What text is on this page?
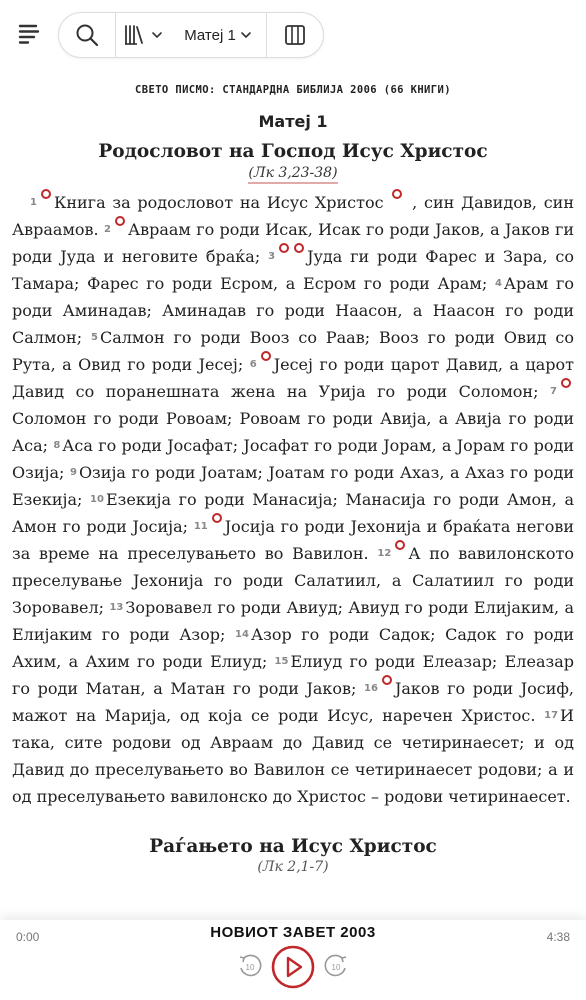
Матеј 1
СВЕТО ПИСМО: СТАНДАРДНА БИБЛИЈА 2006 (66 КНИГИ)
Матеј 1
Родословот на Господ Исус Христос
(Лк 3,23-38)

1 Книга за родословот на Исус Христос  , син Давидов, син Авраамов. 2 Авраам го роди Исак, Исак го роди Јаков, а Јаков ги роди Јуда и неговите браќа; 3 Јуда ги роди Фарес и Зара, со Тамара; Фарес го роди Есром, а Есром го роди Арам; 4 Арам го роди Аминадав; Аминадав го роди Наасон, а Наасон го роди Салмон; 5 Салмон го роди Вооз со Раав; Вооз го роди Овид со Рута, а Овид го роди Јесеј; 6 Јесеј го роди царот Давид, а царот Давид со поранешната жена на Урија го роди Соломон; 7Соломон го роди Ровоам; Ровоам го роди Авија, а Авија го роди Аса; 8 Аса го роди Јосафат; Јосафат го роди Јорам, а Јорам го роди Озија; 9 Озија го роди Јоатам; Јоатам го роди Ахаз, а Ахаз го роди Езекија; 10 Езекија го роди Манасија; Манасија го роди Амон, а Амон го роди Јосија; 11 Јосија го роди Јехонија и браќата негови за време на преселувањето во Вавилон. 12 А по вавилонското преселување Јехонија го роди Салатиил, а Салатиил го роди Зоровавел; 13 Зоровавел го роди Авиуд; Авиуд го роди Елијаким, а Елијаким го роди Азор; 14 Азор го роди Садок; Садок го роди Ахим, а Ахим го роди Елиуд; 15 Елиуд го роди Елеазар; Елеазар го роди Матан, а Матан го роди Јаков; 16 Јаков го роди Јосиф, мажот на Марија, од која се роди Исус, наречен Христос. 17 И така, сите родови од Авраам до Давид се четиринаесет; и од Давид до преселувањето во Вавилон се четиринаесет родови; а и од преселувањето вавилонско до Христос – родови четиринаесет.

Раѓањето на Исус Христос
(Лк 2,1-7)
0:00	НОВИОТ ЗАВЕТ 2003	4:38
10	10
